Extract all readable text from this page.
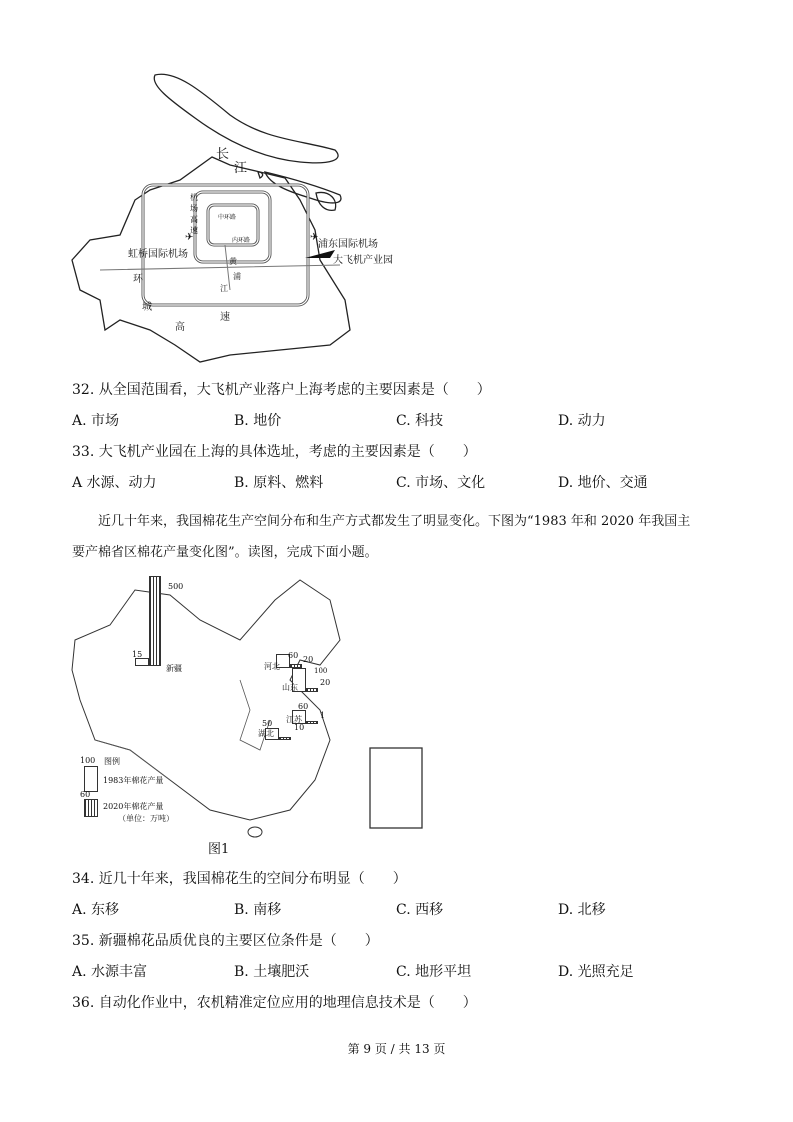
长
江
机
场
高
速
中环路
内环路
✈
虹桥国际机场
✈
浦东国际机场
大飞机产业园
黄
浦
江
环
城
高
速
32. 从全国范围看，大飞机产业落户上海考虑的主要因素是（　　）
A. 市场	B. 地价	C. 科技	D. 动力
33. 大飞机产业园在上海的具体选址，考虑的主要因素是（　　）
A 水源、动力	B. 原料、燃料	C. 市场、文化	D. 地价、交通
近几十年来，我国棉花生产空间分布和生产方式都发生了明显变化。下图为“1983 年和 2020 年我国主
要产棉省区棉花产量变化图”。读图，完成下面小题。
500
15
新疆
60 20
河北	100
20
山东
60
1
江苏
50	10
湖北
100 图例
1983年棉花产量
60
2020年棉花产量
（单位：万吨）
图1
34. 近几十年来，我国棉花生的空间分布明显（　　）
A. 东移	B. 南移	C. 西移	D. 北移
35. 新疆棉花品质优良的主要区位条件是（　　）
A. 水源丰富	B. 土壤肥沃	C. 地形平坦	D. 光照充足
36. 自动化作业中，农机精准定位应用的地理信息技术是（　　）
第 9 页 / 共 13 页
